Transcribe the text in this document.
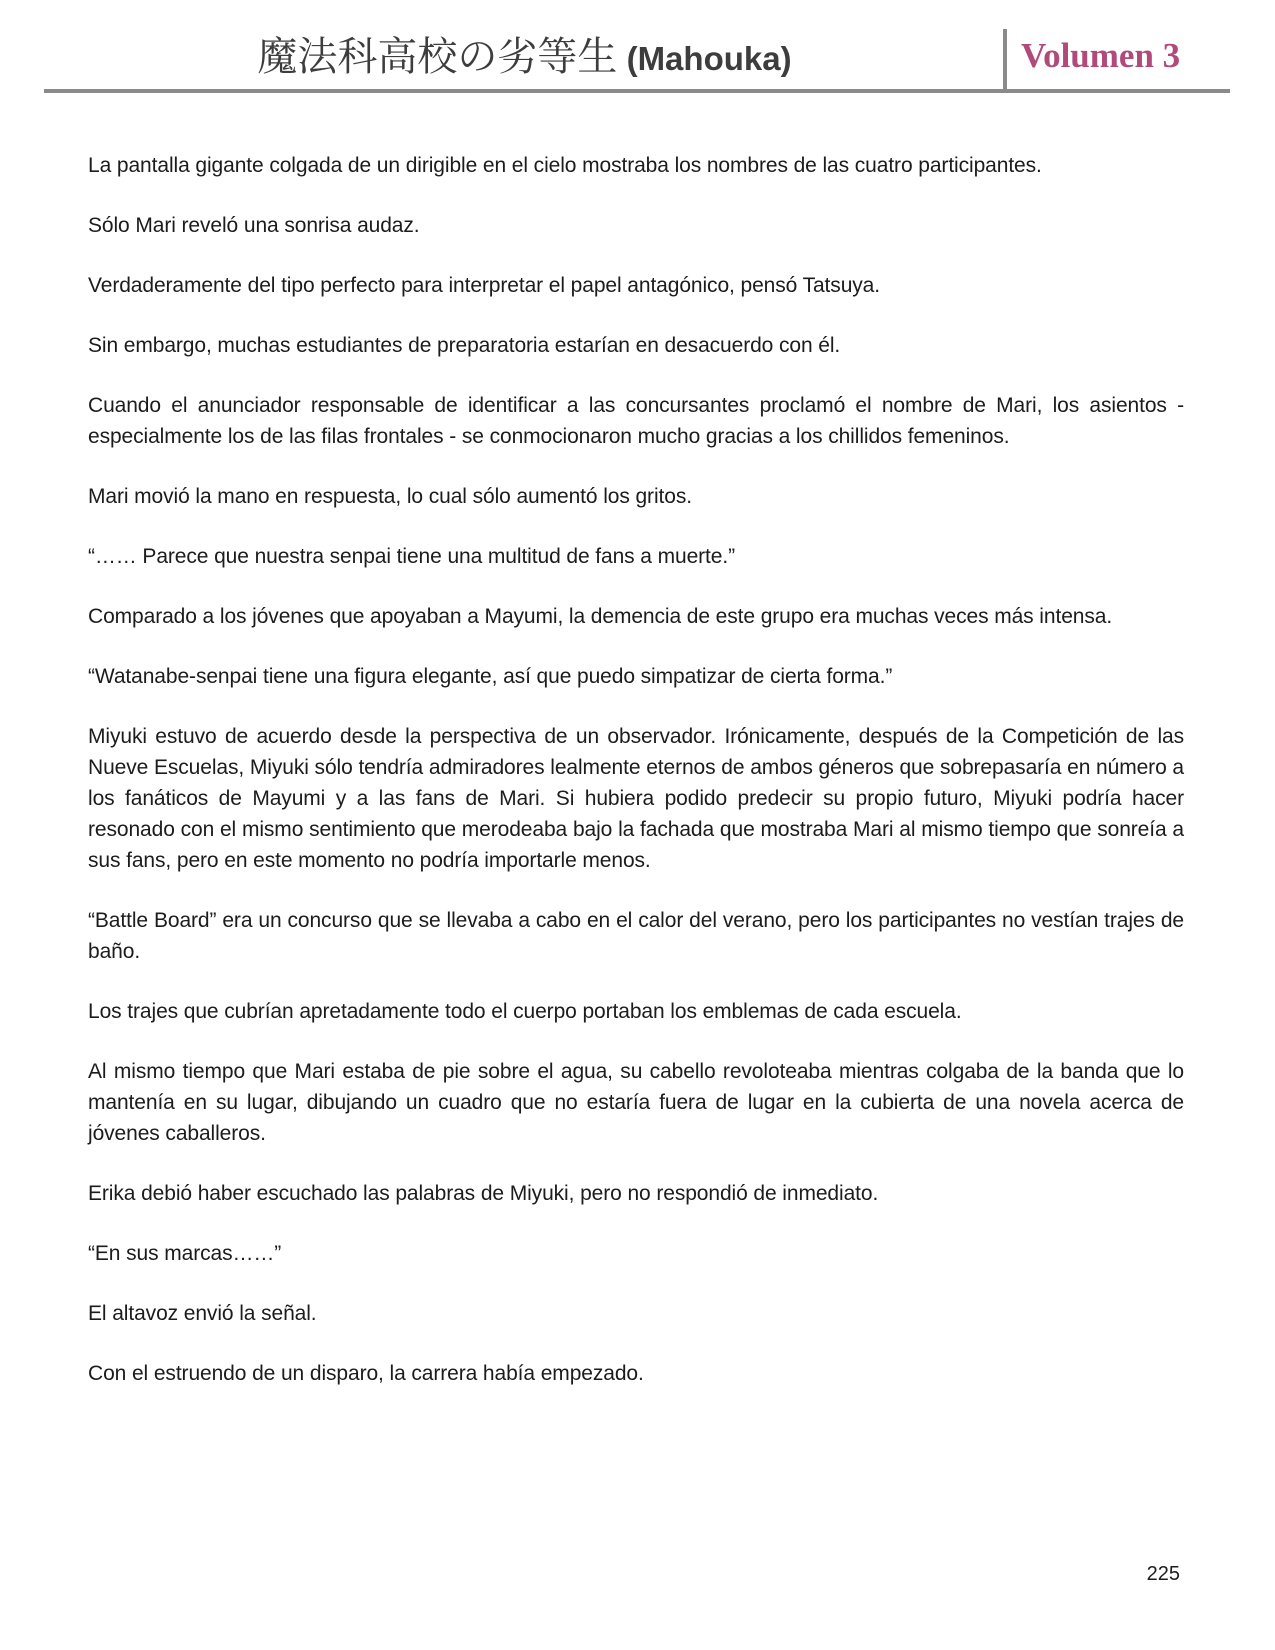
魔法科高校の劣等生 (Mahouka)	Volumen 3

La pantalla gigante colgada de un dirigible en el cielo mostraba los nombres de las cuatro participantes.

Sólo Mari reveló una sonrisa audaz.

Verdaderamente del tipo perfecto para interpretar el papel antagónico, pensó Tatsuya.

Sin embargo, muchas estudiantes de preparatoria estarían en desacuerdo con él.

Cuando el anunciador responsable de identificar a las concursantes proclamó el nombre de Mari, los asientos - especialmente los de las filas frontales - se conmocionaron mucho gracias a los chillidos femeninos.

Mari movió la mano en respuesta, lo cual sólo aumentó los gritos.

“…… Parece que nuestra senpai tiene una multitud de fans a muerte.”

Comparado a los jóvenes que apoyaban a Mayumi, la demencia de este grupo era muchas veces más intensa.

“Watanabe-senpai tiene una figura elegante, así que puedo simpatizar de cierta forma.”

Miyuki estuvo de acuerdo desde la perspectiva de un observador. Irónicamente, después de la Competición de las Nueve Escuelas, Miyuki sólo tendría admiradores lealmente eternos de ambos géneros que sobrepasaría en número a los fanáticos de Mayumi y a las fans de Mari. Si hubiera podido predecir su propio futuro, Miyuki podría hacer resonado con el mismo sentimiento que merodeaba bajo la fachada que mostraba Mari al mismo tiempo que sonreía a sus fans, pero en este momento no podría importarle menos.

“Battle Board” era un concurso que se llevaba a cabo en el calor del verano, pero los participantes no vestían trajes de baño.

Los trajes que cubrían apretadamente todo el cuerpo portaban los emblemas de cada escuela.

Al mismo tiempo que Mari estaba de pie sobre el agua, su cabello revoloteaba mientras colgaba de la banda que lo mantenía en su lugar, dibujando un cuadro que no estaría fuera de lugar en la cubierta de una novela acerca de jóvenes caballeros.

Erika debió haber escuchado las palabras de Miyuki, pero no respondió de inmediato.

“En sus marcas……”

El altavoz envió la señal.

Con el estruendo de un disparo, la carrera había empezado.

225
